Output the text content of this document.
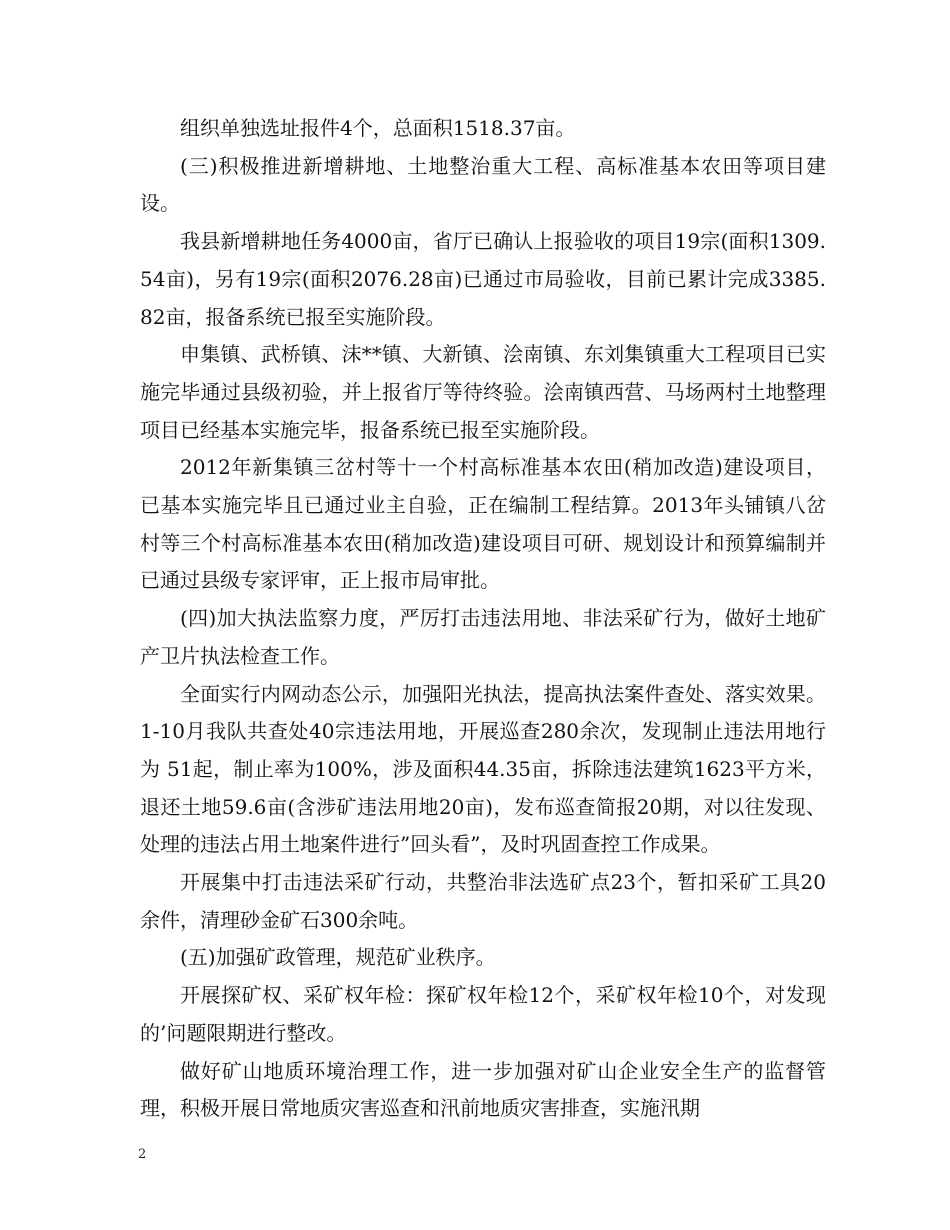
组织单独选址报件4个，总面积1518.37亩。

(三)积极推进新增耕地、土地整治重大工程、高标准基本农田等项目建设。

我县新增耕地任务4000亩，省厅已确认上报验收的项目19宗(面积1309.54亩)，另有19宗(面积2076.28亩)已通过市局验收，目前已累计完成3385.82亩，报备系统已报至实施阶段。

申集镇、武桥镇、沫**镇、大新镇、浍南镇、东刘集镇重大工程项目已实施完毕通过县级初验，并上报省厅等待终验。浍南镇西营、马场两村土地整理项目已经基本实施完毕，报备系统已报至实施阶段。

2012年新集镇三岔村等十一个村高标准基本农田(稍加改造)建设项目，已基本实施完毕且已通过业主自验，正在编制工程结算。2013年头铺镇八岔村等三个村高标准基本农田(稍加改造)建设项目可研、规划设计和预算编制并已通过县级专家评审，正上报市局审批。

(四)加大执法监察力度，严厉打击违法用地、非法采矿行为，做好土地矿产卫片执法检查工作。

全面实行内网动态公示，加强阳光执法，提高执法案件查处、落实效果。1-10月我队共查处40宗违法用地，开展巡查280余次，发现制止违法用地行为 51起，制止率为100%，涉及面积44.35亩，拆除违法建筑1623平方米，退还土地59.6亩(含涉矿违法用地20亩)，发布巡查简报20期，对以往发现、处理的违法占用土地案件进行”回头看”，及时巩固查控工作成果。

开展集中打击违法采矿行动，共整治非法选矿点23个，暂扣采矿工具20余件，清理砂金矿石300余吨。

(五)加强矿政管理，规范矿业秩序。

开展探矿权、采矿权年检：探矿权年检12个，采矿权年检10个，对发现的’问题限期进行整改。

做好矿山地质环境治理工作，进一步加强对矿山企业安全生产的监督管理，积极开展日常地质灾害巡查和汛前地质灾害排查，实施汛期

2
